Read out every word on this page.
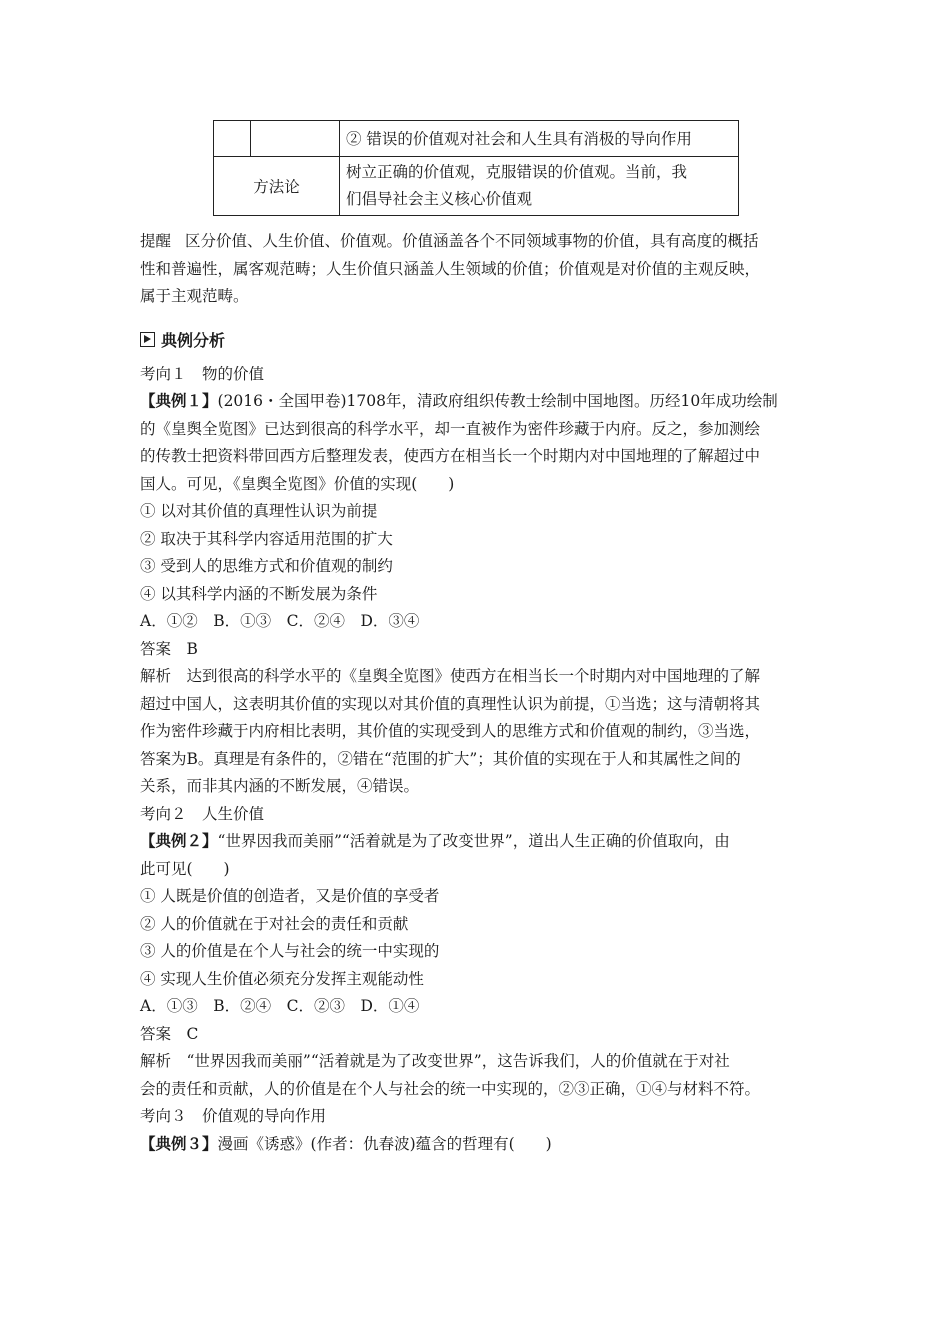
		② 错误的价值观对社会和人生具有消极的导向作用

方法论		树立正确的价值观，克服错误的价值观。当前，我
们倡导社会主义核心价值观

提醒 区分价值、人生价值、价值观。价值涵盖各个不同领域事物的价值，具有高度的概括

性和普遍性，属客观范畴；人生价值只涵盖人生领域的价值；价值观是对价值的主观反映，

属于主观范畴。

典例分析

考向１　物的价值

【典例１】(2016・全国甲卷)1708年，清政府组织传教士绘制中国地图。历经10年成功绘制

的《皇舆全览图》已达到很高的科学水平，却一直被作为密件珍藏于内府。反之，参加测绘

的传教士把资料带回西方后整理发表，使西方在相当长一个时期内对中国地理的了解超过中

国人。可见，《皇舆全览图》价值的实现(　　)

① 以对其价值的真理性认识为前提

② 取决于其科学内容适用范围的扩大

③ 受到人的思维方式和价值观的制约

④ 以其科学内涵的不断发展为条件

A．①②　B．①③　C．②④　D．③④

答案　B

解析　达到很高的科学水平的《皇舆全览图》使西方在相当长一个时期内对中国地理的了解

超过中国人，这表明其价值的实现以对其价值的真理性认识为前提，①当选；这与清朝将其

作为密件珍藏于内府相比表明，其价值的实现受到人的思维方式和价值观的制约，③当选，

答案为B。真理是有条件的，②错在“范围的扩大”；其价值的实现在于人和其属性之间的

关系，而非其内涵的不断发展，④错误。

考向２　人生价值

【典例２】“世界因我而美丽”“活着就是为了改变世界”，道出人生正确的价值取向，由

此可见(　　)

① 人既是价值的创造者，又是价值的享受者

② 人的价值就在于对社会的责任和贡献

③ 人的价值是在个人与社会的统一中实现的

④ 实现人生价值必须充分发挥主观能动性

A．①③　B．②④　C．②③　D．①④

答案　C

解析　“世界因我而美丽”“活着就是为了改变世界”，这告诉我们，人的价值就在于对社

会的责任和贡献，人的价值是在个人与社会的统一中实现的，②③正确，①④与材料不符。

考向３　价值观的导向作用

【典例３】漫画《诱惑》(作者：仇春波)蕴含的哲理有(　　)
